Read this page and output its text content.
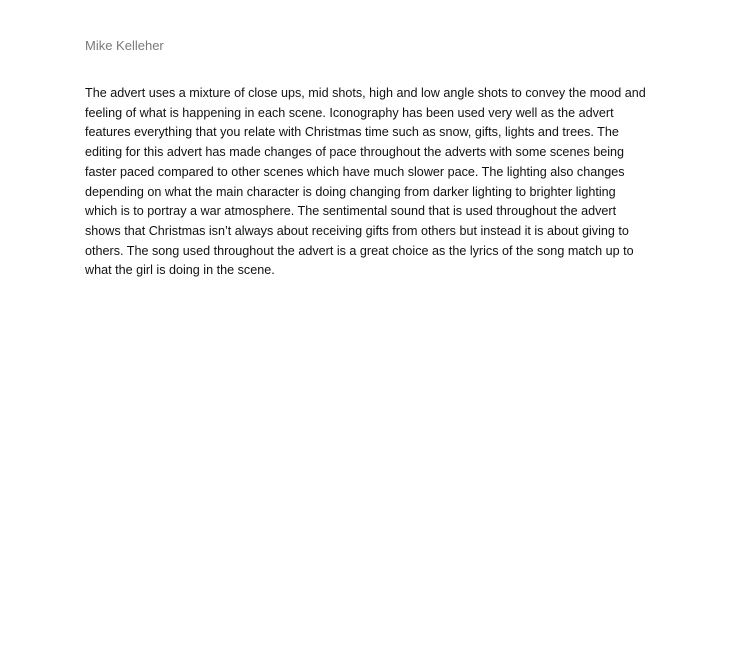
Mike Kelleher
The advert uses a mixture of close ups, mid shots, high and low angle shots to convey the mood and
feeling of what is happening in each scene. Iconography has been used very well as the advert
features everything that you relate with Christmas time such as snow, gifts, lights and trees. The
editing for this advert has made changes of pace throughout the adverts with some scenes being
faster paced compared to other scenes which have much slower pace. The lighting also changes
depending on what the main character is doing changing from darker lighting to brighter lighting
which is to portray a war atmosphere. The sentimental sound that is used throughout the advert
shows that Christmas isn’t always about receiving gifts from others but instead it is about giving to
others. The song used throughout the advert is a great choice as the lyrics of the song match up to
what the girl is doing in the scene.
